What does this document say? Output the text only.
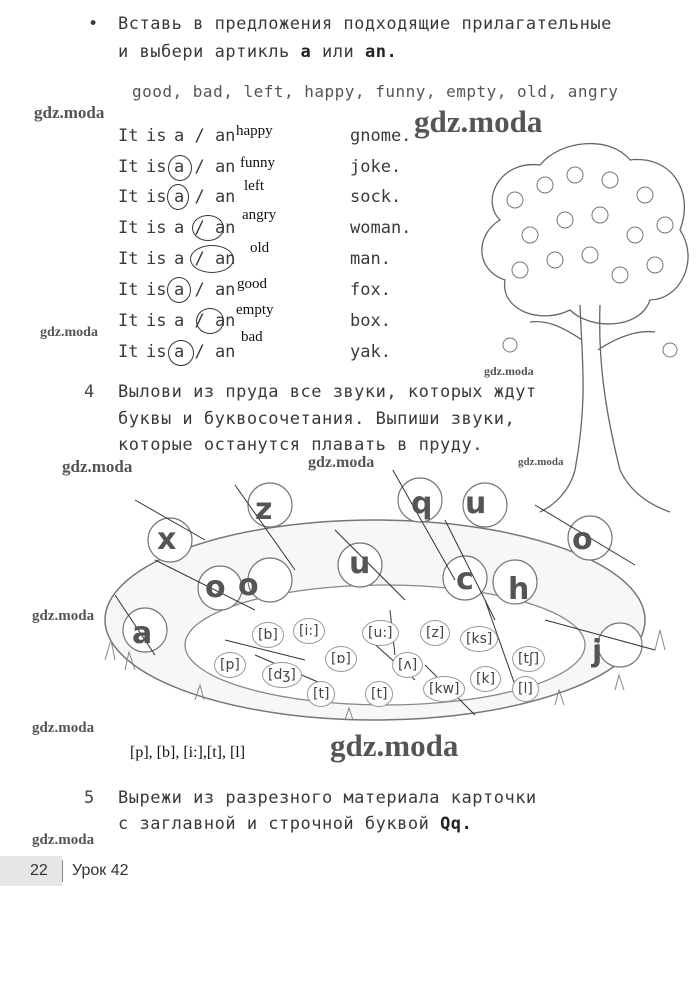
• Вставь в предложения подходящие прилагательные
и выбери артикль a или an.
good, bad, left, happy, funny, empty, old, angry
gdz.moda	gdz.moda
gdz.moda
gdz.moda
gdz.moda	gdz.moda	gdz.moda
gdz.moda
gdz.moda	gdz.moda
gdz.moda
It is a / an	gnome.
happy
It is a / an	joke.
funny
It is a / an	sock.
left
It is a / an	woman.
angry
It is a / an	man.
old
It is a / an	fox.
good
It is a / an	box.
empty
It is a / an	yak.
bad
4 Вылови из пруда все звуки, которых ждут
буквы и буквосочетания. Выпиши звуки,
которые останутся плавать в пруду.
x
z	q u
o
o o
u	c h
a
j
[b]	[i:]	[u:]	[z]	[ks]
[p]
[dʒ]
[ɒ]	[tʃ]
[ʌ]
[t]	[t]	[kw]
[k]
[l]
[p], [b], [i:],[t], [l]
5 Вырежи из разрезного материала карточки
с заглавной и строчной буквой Qq.
22 Урок 42
